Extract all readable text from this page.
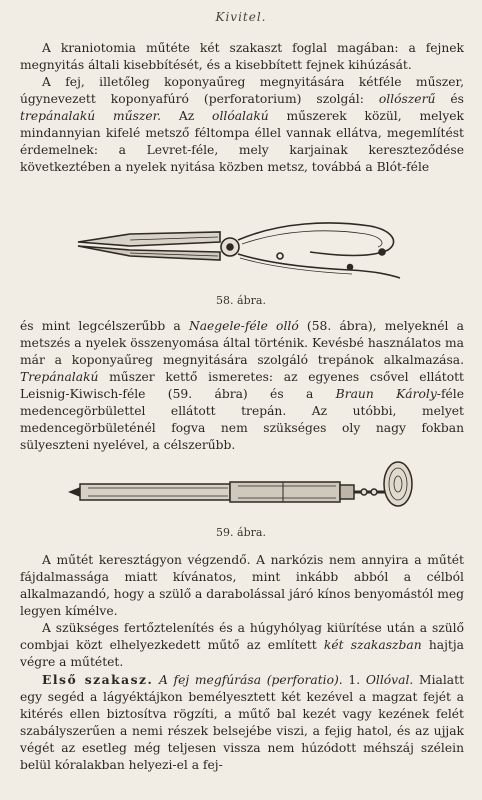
Kivitel.

A kraniotomia műtéte két szakaszt foglal magában: a fejnek megnyitás általi kisebbítését, és a kisebbített fejnek kihúzását.

A fej, illetőleg koponyaűreg megnyitására kétféle műszer, úgynevezett koponyafúró (perforatorium) szolgál: ollószerű és trepánalakú műszer. Az ollóalakú műszerek közül, melyek mindannyian kifelé metsző féltompa éllel vannak ellátva, megemlítést érdemelnek: a Levret-féle, mely karjainak kereszteződése következtében a nyelek nyitása közben metsz, továbbá a Blót-féle

58. ábra.

és mint legcélszerűbb a Naegele-féle olló (58. ábra), melyeknél a metszés a nyelek összenyomása által történik. Kevésbé használatos ma már a koponyaűreg megnyitására szolgáló trepánok alkalmazása. Trepánalakú műszer kettő ismeretes: az egyenes csővel ellátott Leisnig-Kiwisch-féle (59. ábra) és a Braun Károly-féle medencegörbülettel ellátott trepán. Az utóbbi, melyet medencegörbületénél fogva nem szükséges oly nagy fokban sülyeszteni nyelével, a célszerűbb.

59. ábra.

A műtét keresztágyon végzendő. A narkózis nem annyira a műtét fájdalmassága miatt kívánatos, mint inkább abból a célból alkalmazandó, hogy a szülő a darabolással járó kínos benyomástól meg legyen kímélve.

A szükséges fertőztelenítés és a húgyhólyag kiürítése után a szülő combjai közt elhelyezkedett műtő az említett két szakaszban hajtja végre a műtétet.

Első szakasz. A fej megfúrása (perforatio). 1. Ollóval. Mialatt egy segéd a lágyéktájkon bemélyesztett két kezével a magzat fejét a kitérés ellen biztosítva rögzíti, a műtő bal kezét vagy kezének felét szabályszerűen a nemi részek belsejébe viszi, a fejig hatol, és az ujjak végét az esetleg még teljesen vissza nem húzódott méhszáj szélein belül kóralakban helyezi-el a fej-
